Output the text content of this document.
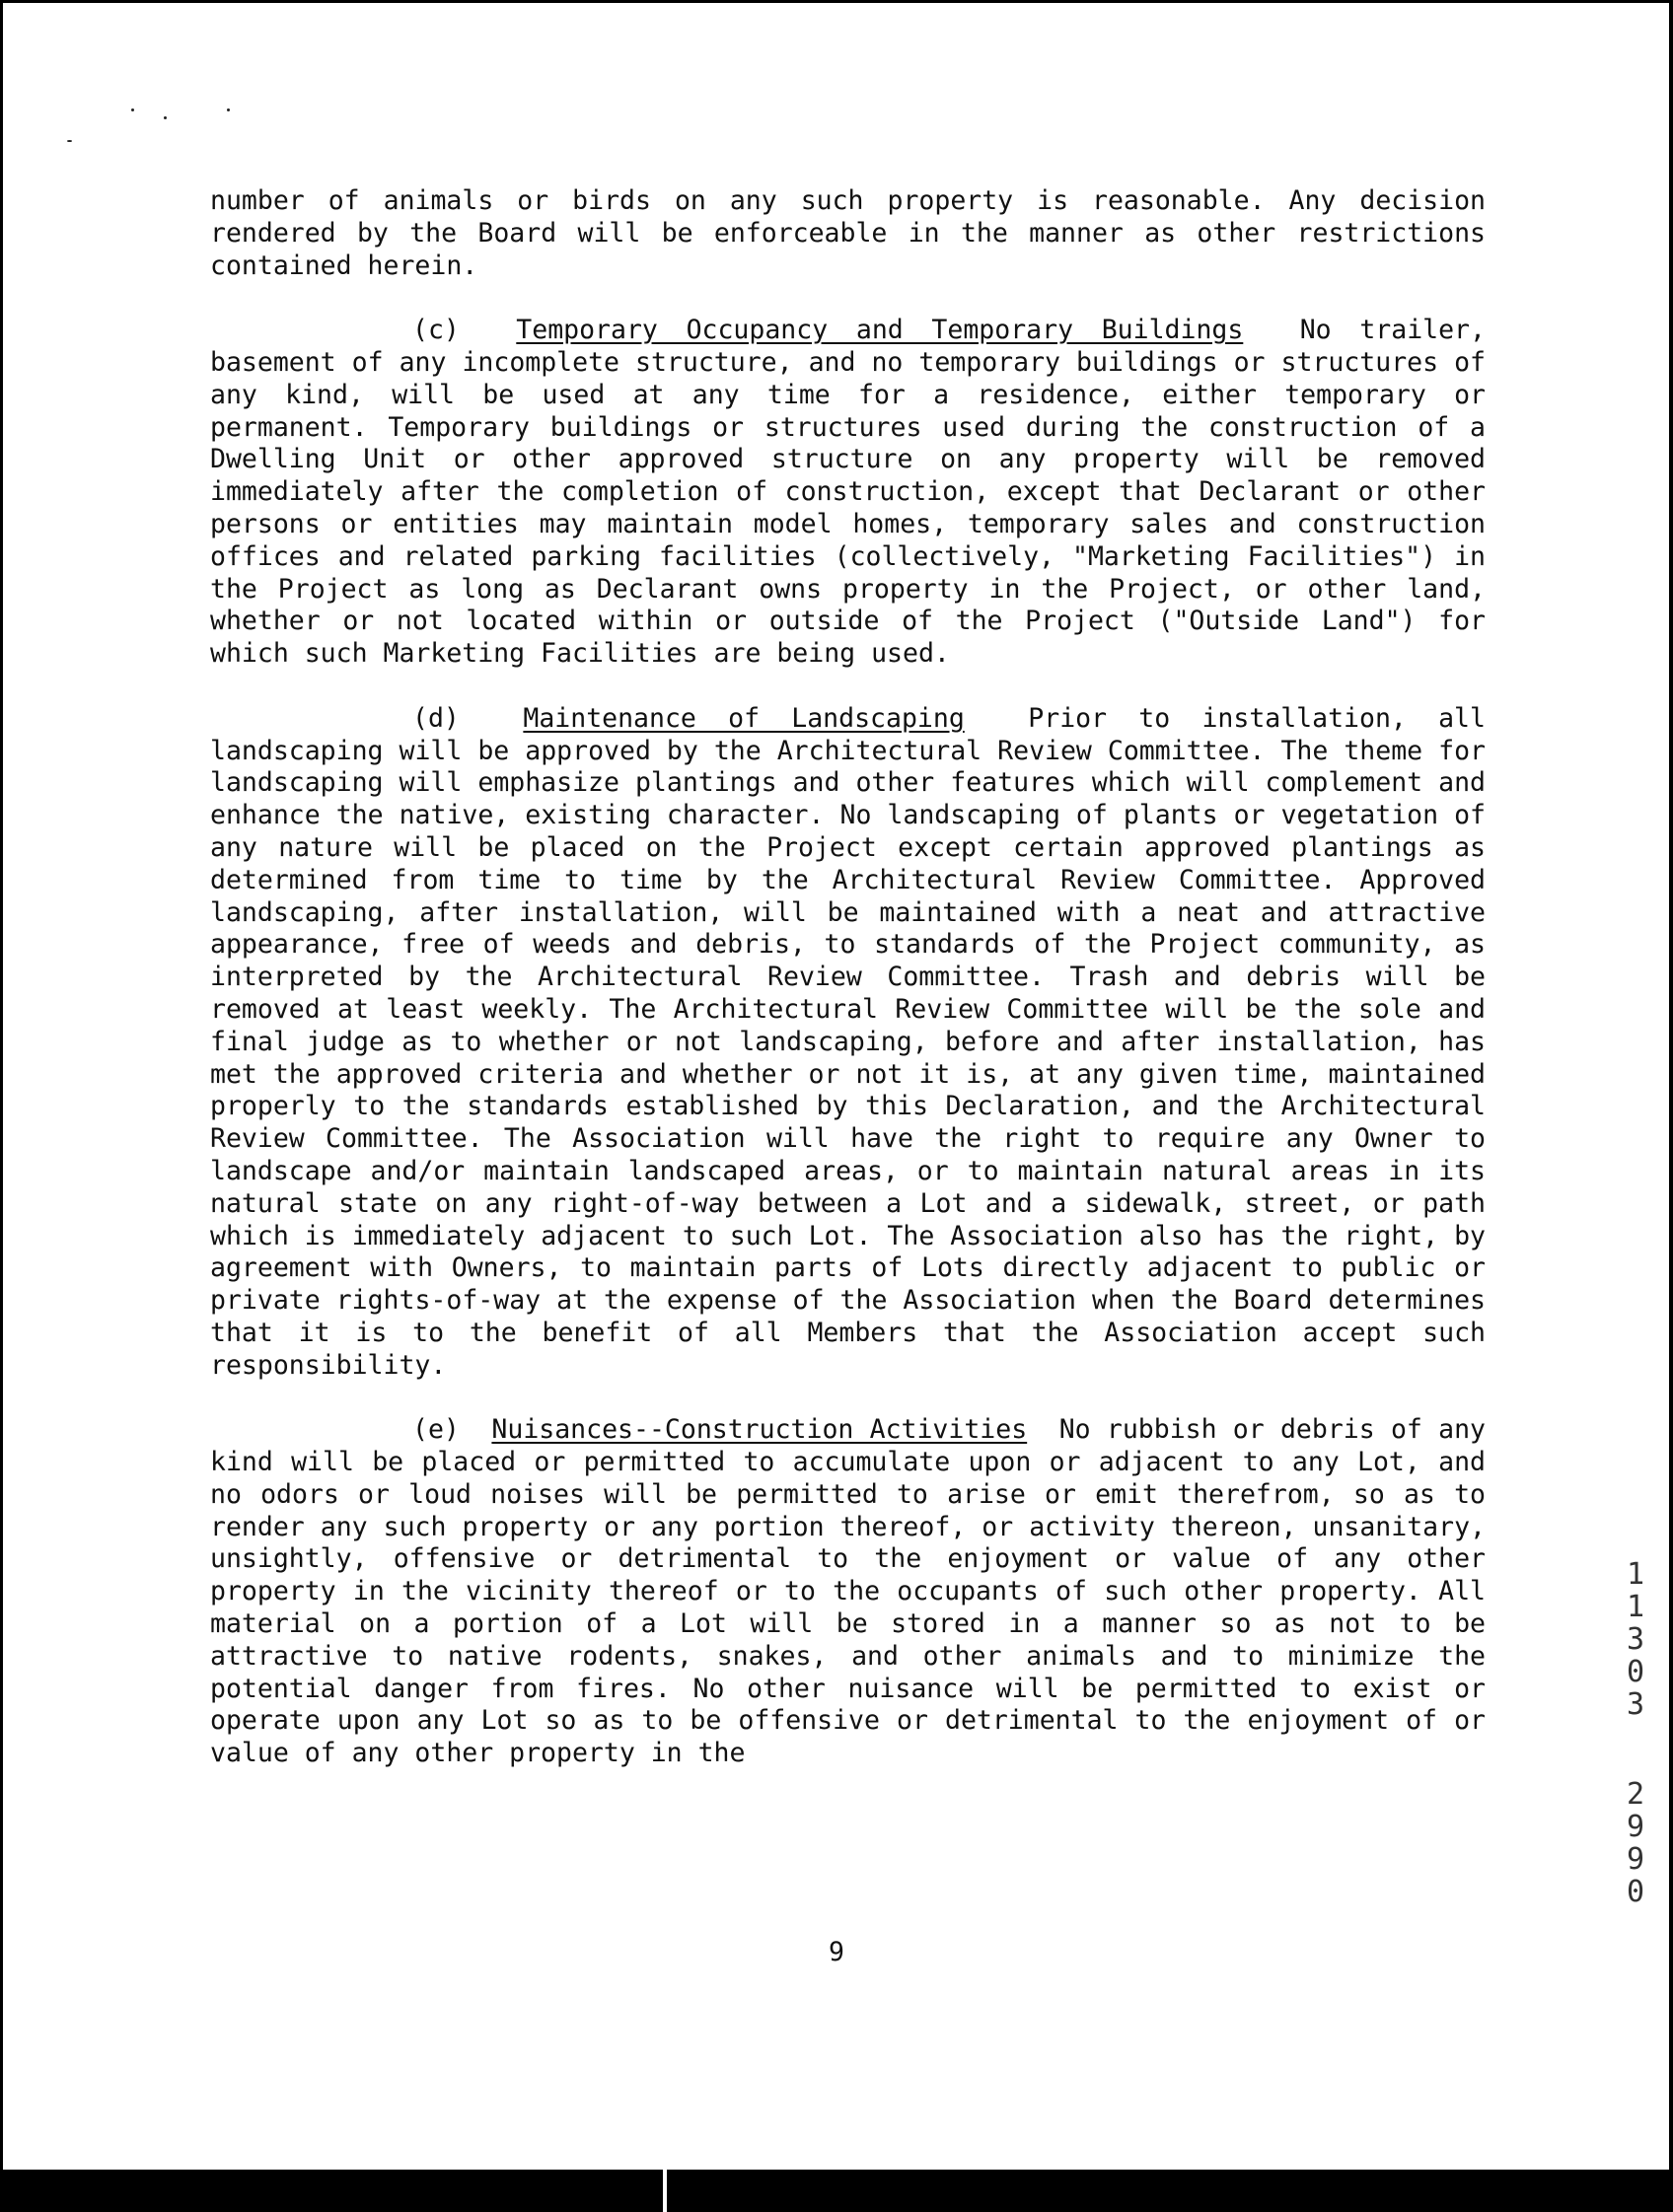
number of animals or birds on any such property is reasonable. Any decision rendered by the Board will be enforceable in the manner as other restrictions contained herein.

(c) Temporary Occupancy and Temporary Buildings No trailer, basement of any incomplete structure, and no temporary buildings or structures of any kind, will be used at any time for a residence, either temporary or permanent. Temporary buildings or structures used during the construction of a Dwelling Unit or other approved structure on any property will be removed immediately after the completion of construction, except that Declarant or other persons or entities may maintain model homes, temporary sales and construction offices and related parking facilities (collectively, "Marketing Facilities") in the Project as long as Declarant owns property in the Project, or other land, whether or not located within or outside of the Project ("Outside Land") for which such Marketing Facilities are being used.

(d) Maintenance of Landscaping Prior to installation, all landscaping will be approved by the Architectural Review Committee. The theme for landscaping will emphasize plantings and other features which will complement and enhance the native, existing character. No landscaping of plants or vegetation of any nature will be placed on the Project except certain approved plantings as determined from time to time by the Architectural Review Committee. Approved landscaping, after installation, will be maintained with a neat and attractive appearance, free of weeds and debris, to standards of the Project community, as interpreted by the Architectural Review Committee. Trash and debris will be removed at least weekly. The Architectural Review Committee will be the sole and final judge as to whether or not landscaping, before and after installation, has met the approved criteria and whether or not it is, at any given time, maintained properly to the standards established by this Declaration, and the Architectural Review Committee. The Association will have the right to require any Owner to landscape and/or maintain landscaped areas, or to maintain natural areas in its natural state on any right-of-way between a Lot and a sidewalk, street, or path which is immediately adjacent to such Lot. The Association also has the right, by agreement with Owners, to maintain parts of Lots directly adjacent to public or private rights-of-way at the expense of the Association when the Board determines that it is to the benefit of all Members that the Association accept such responsibility.

(e) Nuisances--Construction Activities No rubbish or debris of any kind will be placed or permitted to accumulate upon or adjacent to any Lot, and no odors or loud noises will be permitted to arise or emit therefrom, so as to render any such property or any portion thereof, or activity thereon, unsanitary, unsightly, offensive or detrimental to the enjoyment or value of any other property in the vicinity thereof or to the occupants of such other property. All material on a portion of a Lot will be stored in a manner so as not to be attractive to native rodents, snakes, and other animals and to minimize the potential danger from fires. No other nuisance will be permitted to exist or operate upon any Lot so as to be offensive or detrimental to the enjoyment of or value of any other property in the

9
1
1
3
0
3
2
9
9
0
